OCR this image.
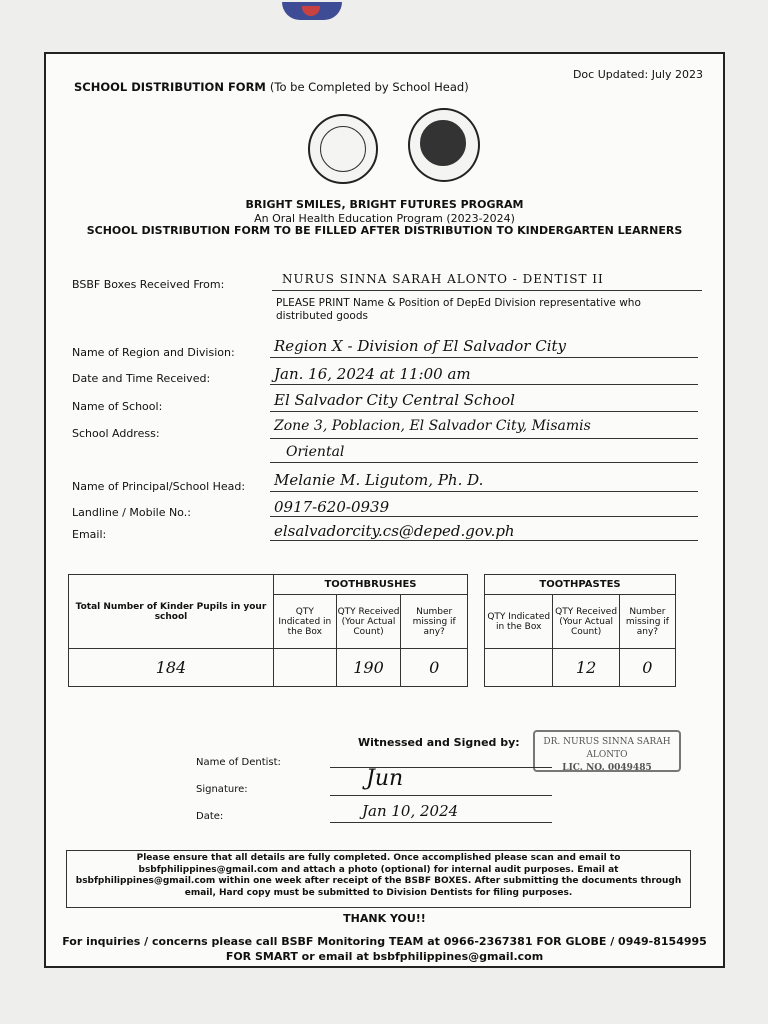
Doc Updated: July 2023
SCHOOL DISTRIBUTION FORM (To be Completed by School Head)
BRIGHT SMILES, BRIGHT FUTURES PROGRAM
An Oral Health Education Program (2023-2024)
SCHOOL DISTRIBUTION FORM TO BE FILLED AFTER DISTRIBUTION TO KINDERGARTEN LEARNERS
BSBF Boxes Received From:	NURUS SINNA SARAH ALONTO - DENTIST II
PLEASE PRINT Name & Position of DepEd Division representative who distributed goods
Name of Region and Division:	Region X - Division of El Salvador City
Date and Time Received:	Jan. 16, 2024 at 11:00 am
Name of School:	El Salvador City Central School
School Address:	Zone 3, Poblacion, El Salvador City, Misamis
Oriental
Name of Principal/School Head: Melanie M. Ligutom, Ph. D.
Landline / Mobile No.:	0917-620-0939
Email:	elsalvadorcity.cs@deped.gov.ph
Total Number of Kinder Pupils in your school	TOOTHBRUSHES		
	QTY Indicated in the Box	QTY Received (Your Actual Count)	Number missing if any?
184		190	0
TOOTHPASTES		
QTY Indicated in the Box	QTY Received (Your Actual Count)	Number missing if any?
	12	0
Witnessed and Signed by:	DR. NURUS SINNA SARAH ALONTO
LIC. NO. 0049485
Name of Dentist:
Signature:	Jun
Date:	Jan 10, 2024
Please ensure that all details are fully completed. Once accomplished please scan and email to bsbfphilippines@gmail.com and attach a photo (optional) for internal audit purposes. Email at bsbfphilippines@gmail.com within one week after receipt of the BSBF BOXES. After submitting the documents through email, Hard copy must be submitted to Division Dentists for filing purposes.
THANK YOU!!
For inquiries / concerns please call BSBF Monitoring TEAM at 0966-2367381 FOR GLOBE / 0949-8154995 FOR SMART or email at bsbfphilippines@gmail.com
